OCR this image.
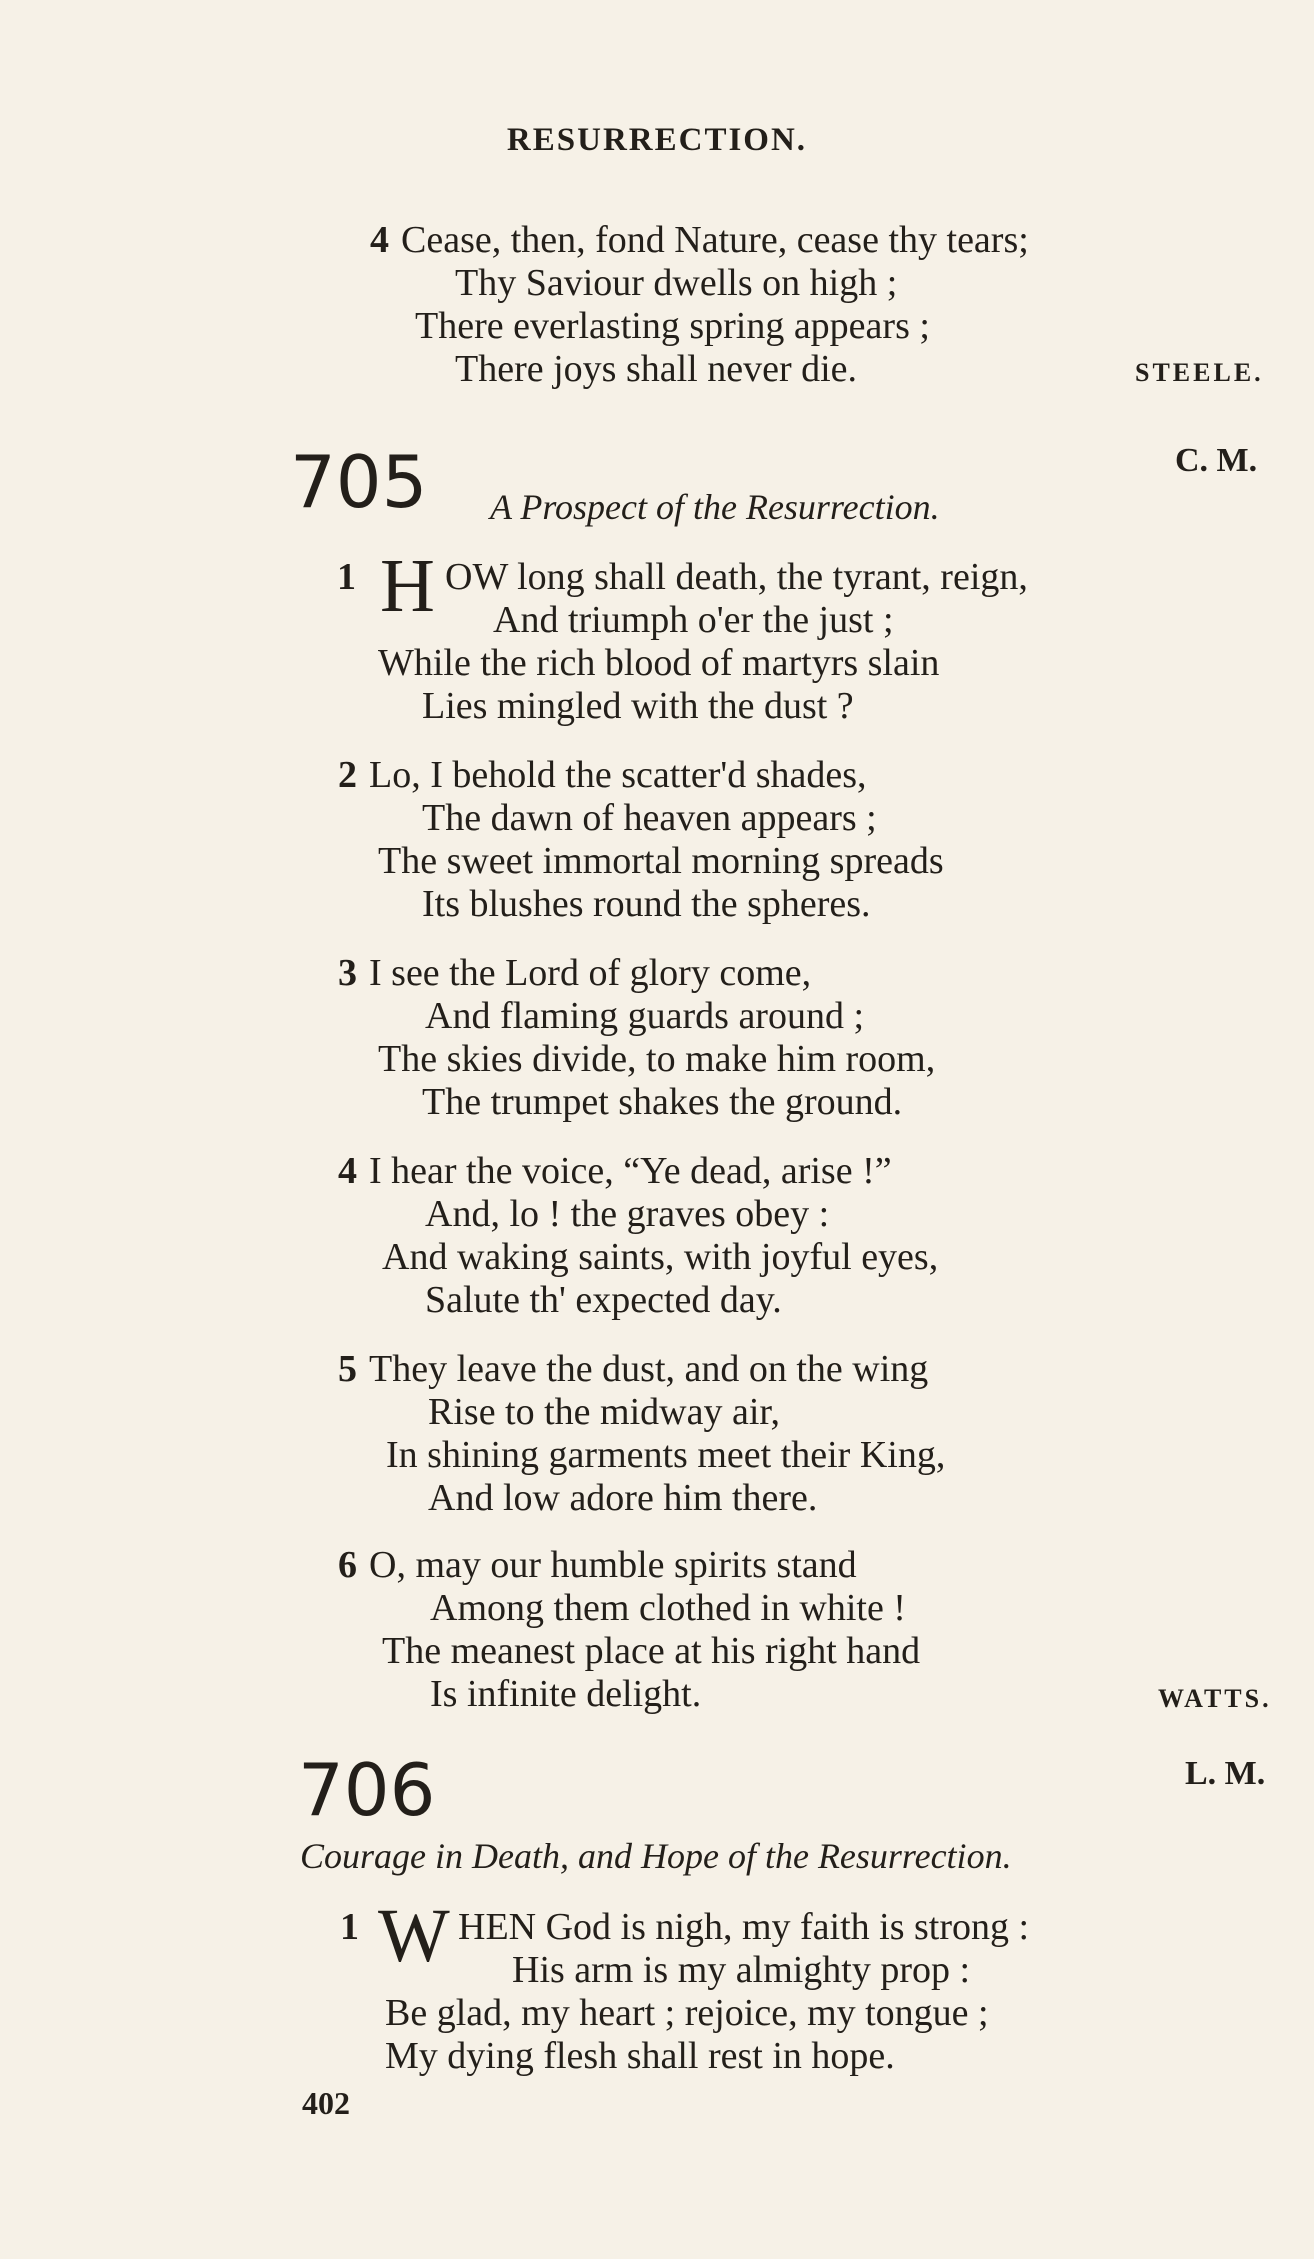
RESURRECTION.
4 Cease, then, fond Nature, cease thy tears;
Thy Saviour dwells on high ;
There everlasting spring appears ;
There joys shall never die.	STEELE.
705	C. M.
A Prospect of the Resurrection.
1 H OW long shall death, the tyrant, reign,
And triumph o'er the just ;
While the rich blood of martyrs slain
Lies mingled with the dust ?
2 Lo, I behold the scatter'd shades,
The dawn of heaven appears ;
The sweet immortal morning spreads
Its blushes round the spheres.
3 I see the Lord of glory come,
And flaming guards around ;
The skies divide, to make him room,
The trumpet shakes the ground.
4 I hear the voice, “Ye dead, arise !”
And, lo ! the graves obey :
And waking saints, with joyful eyes,
Salute th' expected day.
5 They leave the dust, and on the wing
Rise to the midway air,
In shining garments meet their King,
And low adore him there.
6 O, may our humble spirits stand
Among them clothed in white !
The meanest place at his right hand
Is infinite delight.	WATTS.
706	L. M.
Courage in Death, and Hope of the Resurrection.
1 W HEN God is nigh, my faith is strong :
His arm is my almighty prop :
Be glad, my heart ; rejoice, my tongue ;
My dying flesh shall rest in hope.
402
